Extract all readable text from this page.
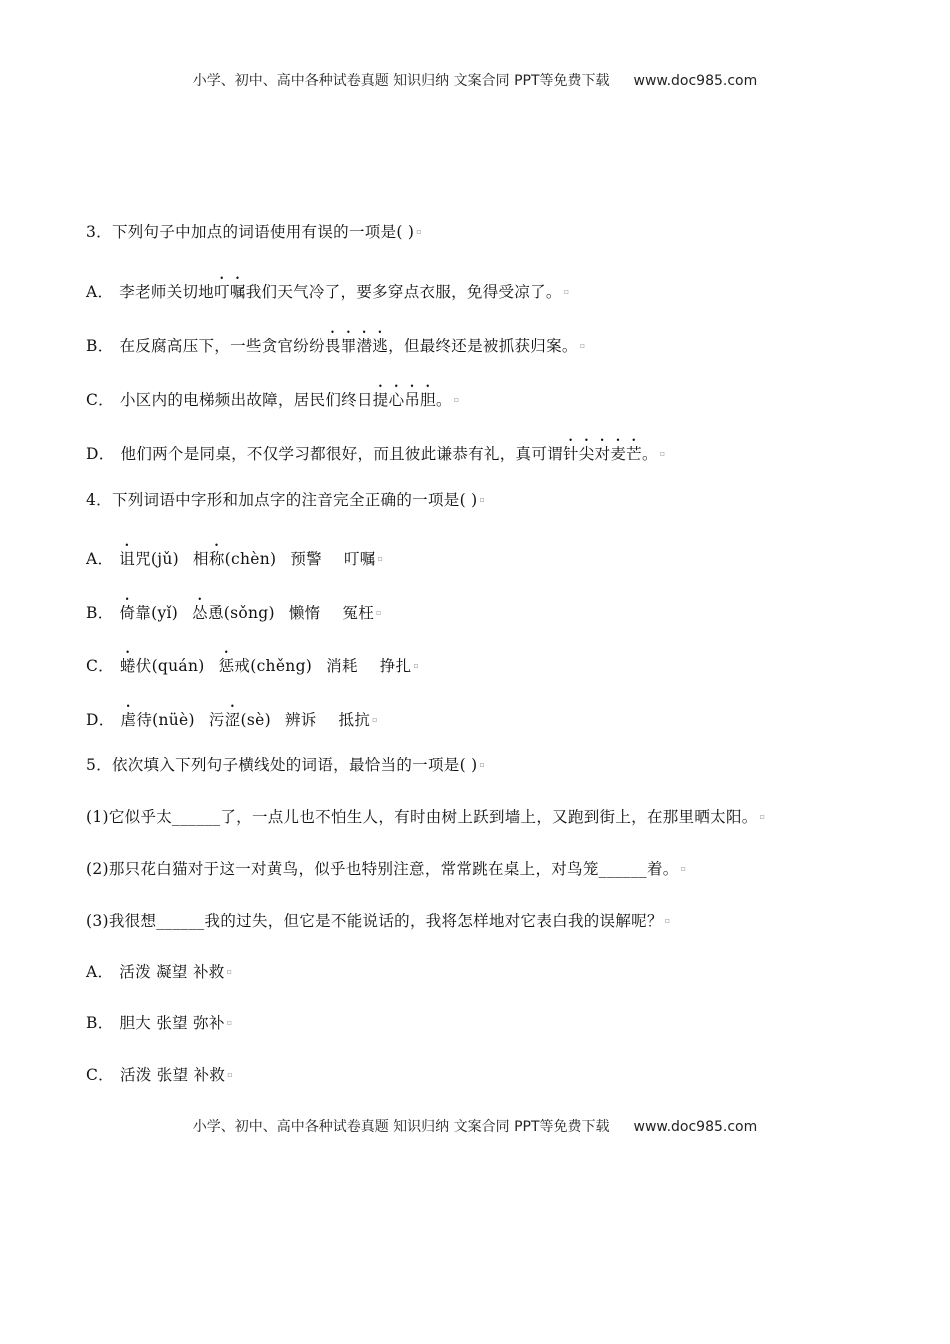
小学、初中、高中各种试卷真题 知识归纳 文案合同 PPT等免费下载 www.doc985.com
3．下列句子中加点的词语使用有误的一项是( ) ▫
A． 李老师关切地叮嘱我们天气冷了，要多穿点衣服，免得受凉了。 ▫
B． 在反腐高压下，一些贪官纷纷畏罪潜逃，但最终还是被抓获归案。 ▫
C． 小区内的电梯频出故障，居民们终日提心吊胆。 ▫
D． 他们两个是同桌，不仅学习都很好，而且彼此谦恭有礼，真可谓针尖对麦芒。 ▫
4．下列词语中字形和加点字的注音完全正确的一项是( ) ▫
A． 诅咒(jǔ) 相称(chèn) 预警 叮嘱 ▫
B． 倚靠(yǐ) 怂恿(sǒng) 懒惰 冤枉 ▫
C． 蜷伏(quán) 惩戒(chěng) 消耗 挣扎 ▫
D． 虐待(nüè) 污涩(sè) 辨诉 抵抗 ▫
5．依次填入下列句子横线处的词语，最恰当的一项是( ) ▫
(1)它似乎太______了，一点儿也不怕生人，有时由树上跃到墙上，又跑到街上，在那里晒太阳。 ▫
(2)那只花白猫对于这一对黄鸟，似乎也特别注意，常常跳在桌上，对鸟笼______着。 ▫
(3)我很想______我的过失，但它是不能说话的，我将怎样地对它表白我的误解呢？ ▫
A． 活泼 凝望 补救 ▫
B． 胆大 张望 弥补 ▫
C． 活泼 张望 补救 ▫
小学、初中、高中各种试卷真题 知识归纳 文案合同 PPT等免费下载 www.doc985.com
